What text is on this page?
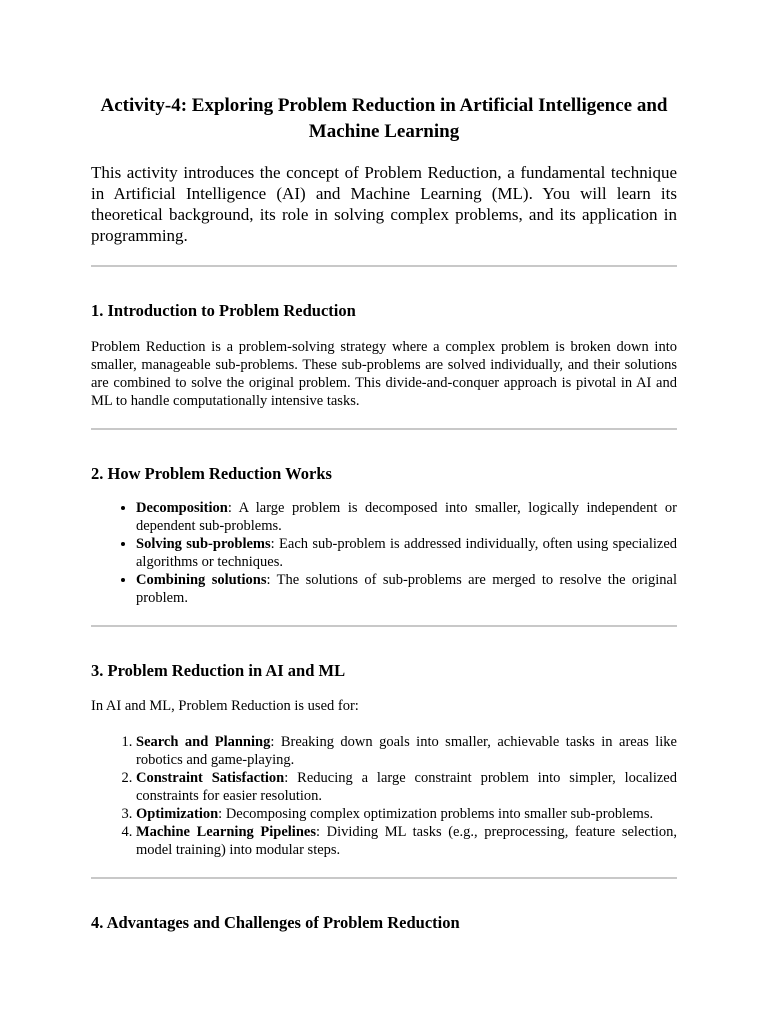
Activity-4: Exploring Problem Reduction in Artificial Intelligence and Machine Learning

This activity introduces the concept of Problem Reduction, a fundamental technique in Artificial Intelligence (AI) and Machine Learning (ML). You will learn its theoretical background, its role in solving complex problems, and its application in programming.

1. Introduction to Problem Reduction

Problem Reduction is a problem-solving strategy where a complex problem is broken down into smaller, manageable sub-problems. These sub-problems are solved individually, and their solutions are combined to solve the original problem. This divide-and-conquer approach is pivotal in AI and ML to handle computationally intensive tasks.

2. How Problem Reduction Works
• Decomposition: A large problem is decomposed into smaller, logically independent or dependent sub-problems.
• Solving sub-problems: Each sub-problem is addressed individually, often using specialized algorithms or techniques.
• Combining solutions: The solutions of sub-problems are merged to resolve the original problem.
3. Problem Reduction in AI and ML

In AI and ML, Problem Reduction is used for:

1. Search and Planning: Breaking down goals into smaller, achievable tasks in areas like robotics and game-playing.
2. Constraint Satisfaction: Reducing a large constraint problem into simpler, localized constraints for easier resolution.
3. Optimization: Decomposing complex optimization problems into smaller sub-problems.
4. Machine Learning Pipelines: Dividing ML tasks (e.g., preprocessing, feature selection, model training) into modular steps.
4. Advantages and Challenges of Problem Reduction
